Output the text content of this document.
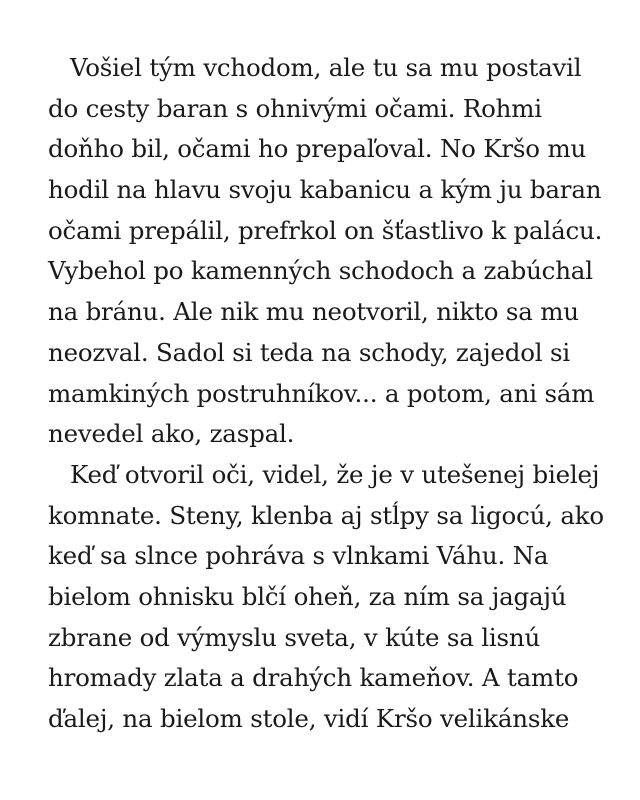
Vošiel tým vchodom, ale tu sa mu postavil
do cesty baran s ohnivými očami. Rohmi
doňho bil, očami ho prepaľoval. No Kršo mu
hodil na hlavu svoju kabanicu a kým ju baran
očami prepálil, prefrkol on šťastlivo k palácu.
Vybehol po kamenných schodoch a zabúchal
na bránu. Ale nik mu neotvoril, nikto sa mu
neozval. Sadol si teda na schody, zajedol si
mamkiných postruhníkov... a potom, ani sám
nevedel ako, zaspal.
Keď otvoril oči, videl, že je v utešenej bielej
komnate. Steny, klenba aj stĺpy sa ligocú, ako
keď sa slnce pohráva s vlnkami Váhu. Na
bielom ohnisku blčí oheň, za ním sa jagajú
zbrane od výmyslu sveta, v kúte sa lisnú
hromady zlata a drahých kameňov. A tamto
ďalej, na bielom stole, vidí Kršo velikánske
